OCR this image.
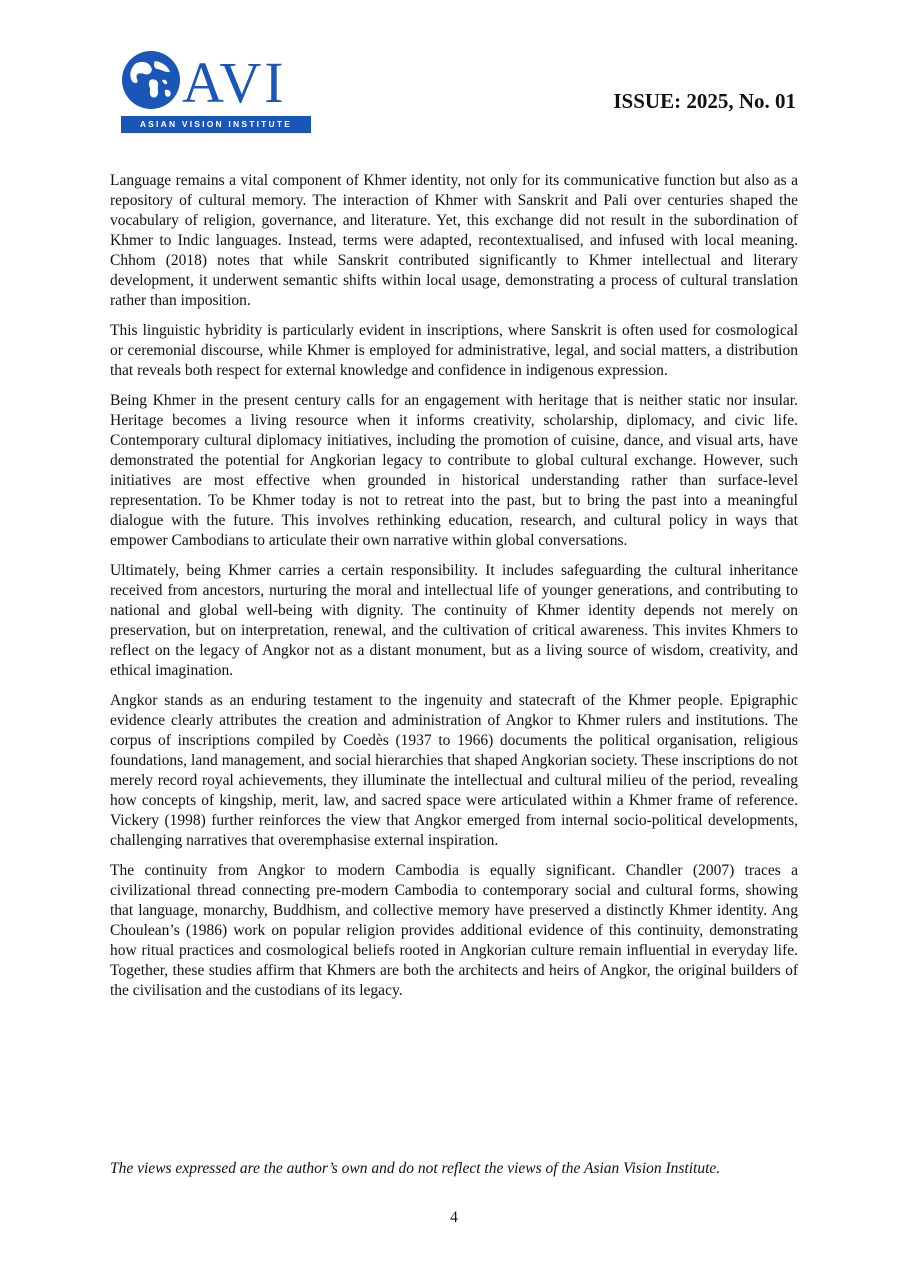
AVI
ASIAN VISION INSTITUTE
ISSUE: 2025, No. 01

Language remains a vital component of Khmer identity, not only for its communicative function but also as a repository of cultural memory. The interaction of Khmer with Sanskrit and Pali over centuries shaped the vocabulary of religion, governance, and literature. Yet, this exchange did not result in the subordination of Khmer to Indic languages. Instead, terms were adapted, recontextualised, and infused with local meaning. Chhom (2018) notes that while Sanskrit contributed significantly to Khmer intellectual and literary development, it underwent semantic shifts within local usage, demonstrating a process of cultural translation rather than imposition.

This linguistic hybridity is particularly evident in inscriptions, where Sanskrit is often used for cosmological or ceremonial discourse, while Khmer is employed for administrative, legal, and social matters, a distribution that reveals both respect for external knowledge and confidence in indigenous expression.

Being Khmer in the present century calls for an engagement with heritage that is neither static nor insular. Heritage becomes a living resource when it informs creativity, scholarship, diplomacy, and civic life. Contemporary cultural diplomacy initiatives, including the promotion of cuisine, dance, and visual arts, have demonstrated the potential for Angkorian legacy to contribute to global cultural exchange. However, such initiatives are most effective when grounded in historical understanding rather than surface-level representation. To be Khmer today is not to retreat into the past, but to bring the past into a meaningful dialogue with the future. This involves rethinking education, research, and cultural policy in ways that empower Cambodians to articulate their own narrative within global conversations.

Ultimately, being Khmer carries a certain responsibility. It includes safeguarding the cultural inheritance received from ancestors, nurturing the moral and intellectual life of younger generations, and contributing to national and global well-being with dignity. The continuity of Khmer identity depends not merely on preservation, but on interpretation, renewal, and the cultivation of critical awareness. This invites Khmers to reflect on the legacy of Angkor not as a distant monument, but as a living source of wisdom, creativity, and ethical imagination.

Angkor stands as an enduring testament to the ingenuity and statecraft of the Khmer people. Epigraphic evidence clearly attributes the creation and administration of Angkor to Khmer rulers and institutions. The corpus of inscriptions compiled by Coedès (1937 to 1966) documents the political organisation, religious foundations, land management, and social hierarchies that shaped Angkorian society. These inscriptions do not merely record royal achievements, they illuminate the intellectual and cultural milieu of the period, revealing how concepts of kingship, merit, law, and sacred space were articulated within a Khmer frame of reference. Vickery (1998) further reinforces the view that Angkor emerged from internal socio-political developments, challenging narratives that overemphasise external inspiration.

The continuity from Angkor to modern Cambodia is equally significant. Chandler (2007) traces a civilizational thread connecting pre-modern Cambodia to contemporary social and cultural forms, showing that language, monarchy, Buddhism, and collective memory have preserved a distinctly Khmer identity. Ang Choulean’s (1986) work on popular religion provides additional evidence of this continuity, demonstrating how ritual practices and cosmological beliefs rooted in Angkorian culture remain influential in everyday life. Together, these studies affirm that Khmers are both the architects and heirs of Angkor, the original builders of the civilisation and the custodians of its legacy.

The views expressed are the author’s own and do not reflect the views of the Asian Vision Institute.
4
